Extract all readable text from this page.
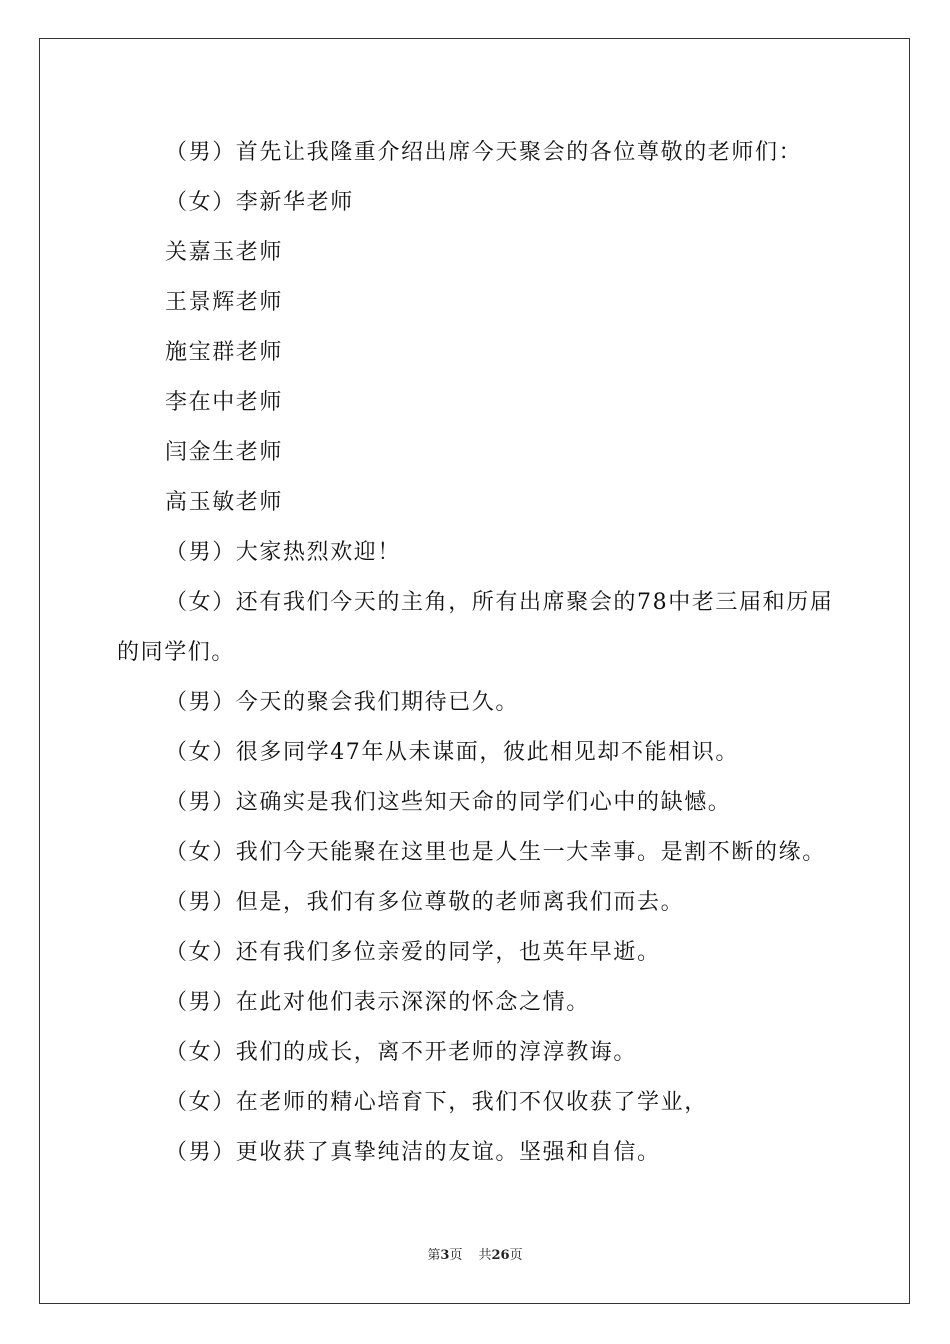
（男）首先让我隆重介绍出席今天聚会的各位尊敬的老师们：

（女）李新华老师

关嘉玉老师

王景辉老师

施宝群老师

李在中老师

闫金生老师

高玉敏老师

（男）大家热烈欢迎！

（女）还有我们今天的主角，所有出席聚会的78中老三届和历届的同学们。

（男）今天的聚会我们期待已久。

（女）很多同学47年从未谋面，彼此相见却不能相识。

（男）这确实是我们这些知天命的同学们心中的缺憾。

（女）我们今天能聚在这里也是人生一大幸事。是割不断的缘。

（男）但是，我们有多位尊敬的老师离我们而去。

（女）还有我们多位亲爱的同学，也英年早逝。

（男）在此对他们表示深深的怀念之情。

（女）我们的成长，离不开老师的淳淳教诲。

（女）在老师的精心培育下，我们不仅收获了学业，

（男）更收获了真挚纯洁的友谊。坚强和自信。

第3页 共26页
